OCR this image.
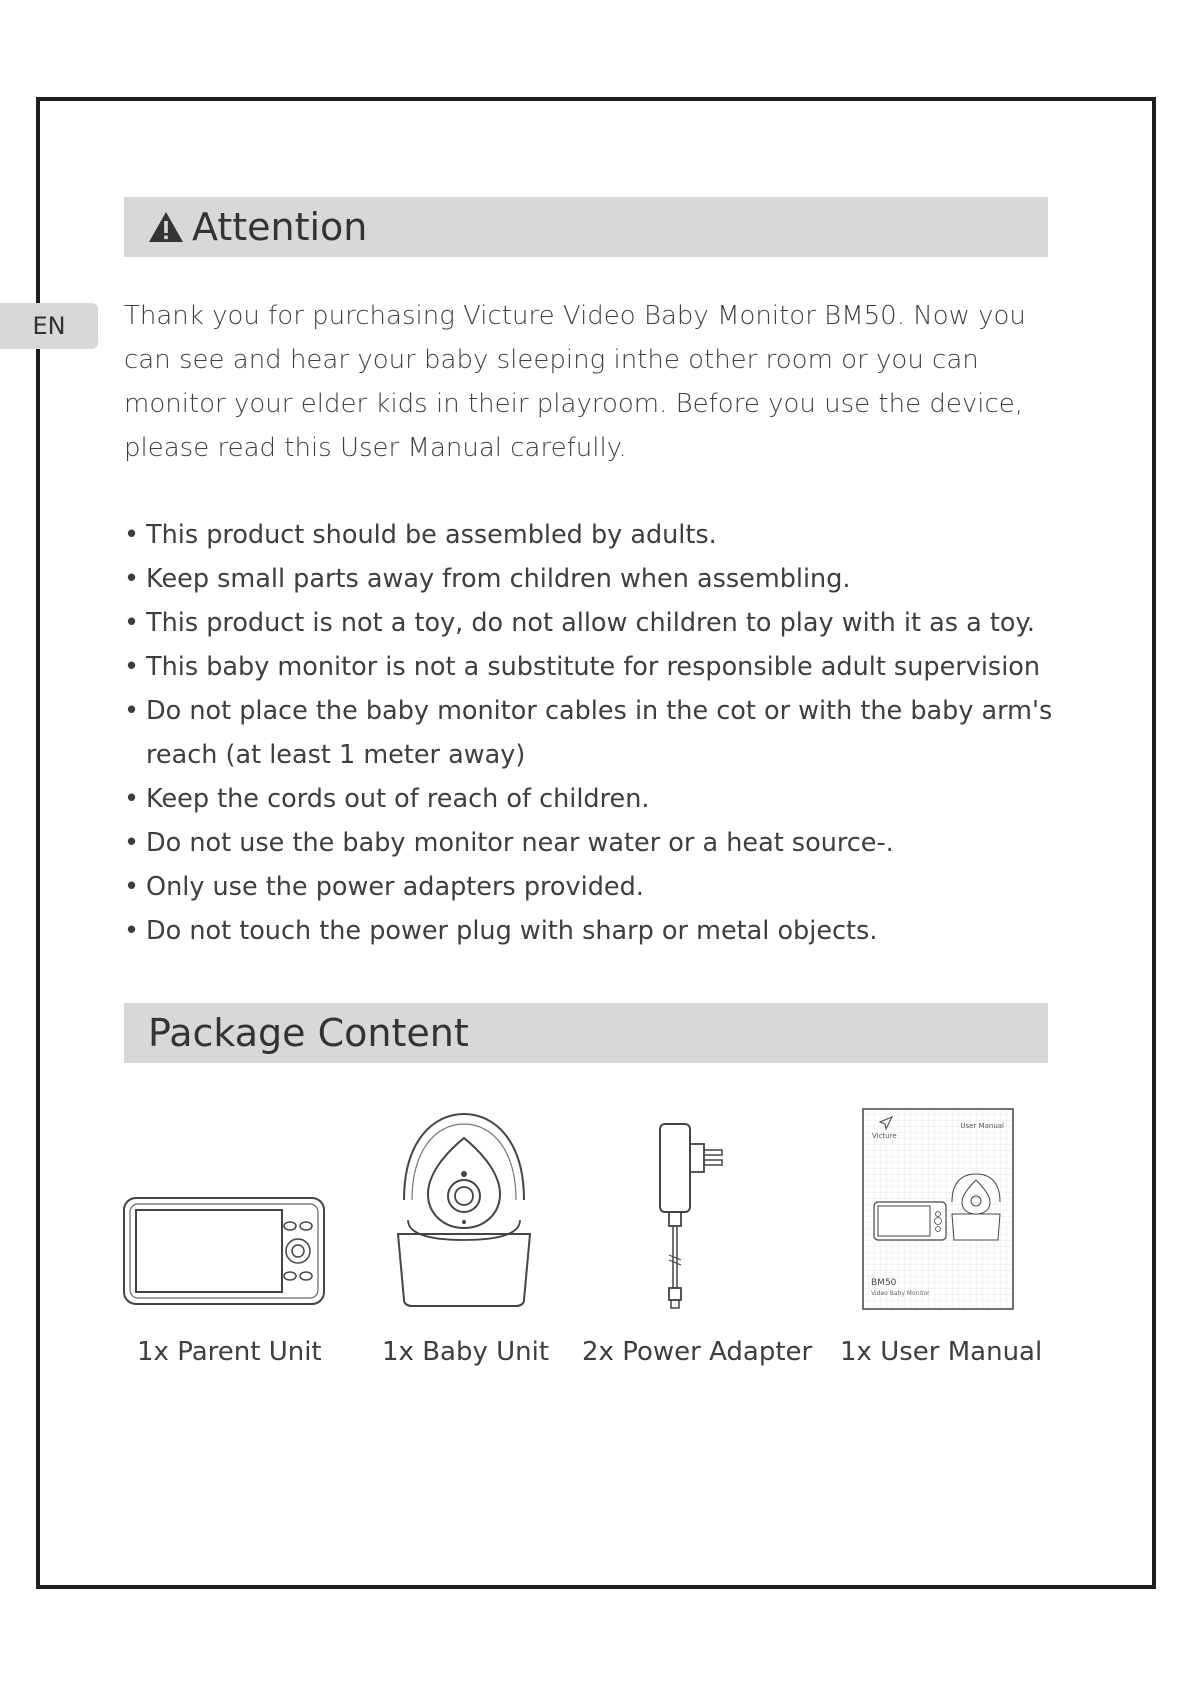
EN
Attention

Thank you for purchasing Victure Video Baby Monitor BM50. Now you can see and hear your baby sleeping inthe other room or you can monitor your elder kids in their playroom. Before you use the device, please read this User Manual carefully.

• This product should be assembled by adults.
• Keep small parts away from children when assembling.
• This product is not a toy, do not allow children to play with it as a toy.
• This baby monitor is not a substitute for responsible adult supervision
• Do not place the baby monitor cables in the cot or with the baby arm's reach (at least 1 meter away)
• Keep the cords out of reach of children.
• Do not use the baby monitor near water or a heat source-.
• Only use the power adapters provided.
• Do not touch the power plug with sharp or metal objects.
Package Content
Victure
User Manual
BM50
Video Baby Monitor
1x Parent Unit 1x Baby Unit 2x Power Adapter 1x User Manual
